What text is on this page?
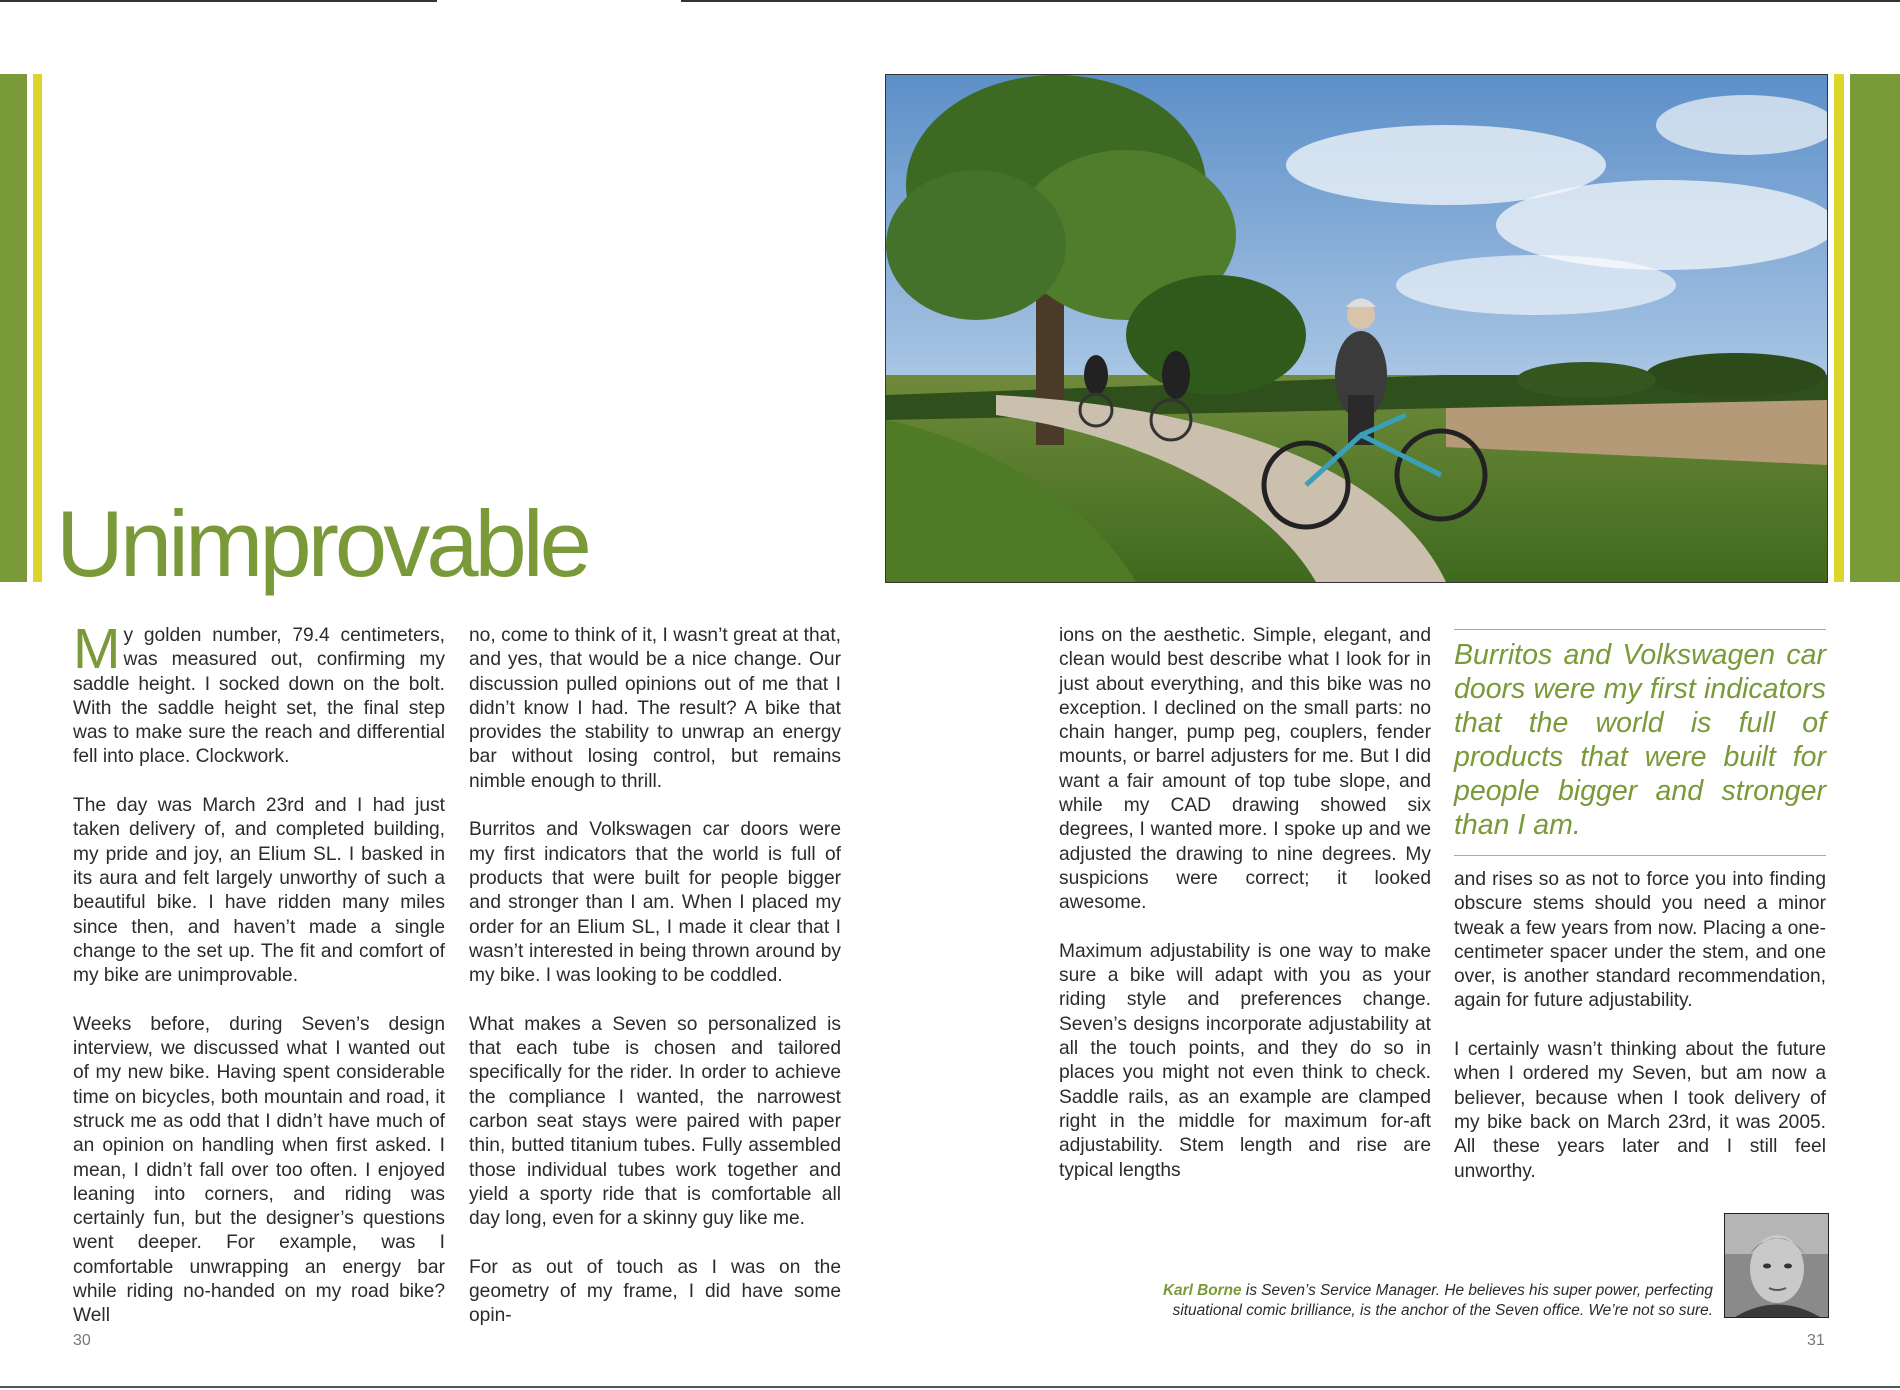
Unimprovable

My golden number, 79.4 centimeters, was measured out, confirming my saddle height. I socked down on the bolt. With the saddle height set, the final step was to make sure the reach and differential fell into place. Clockwork.

The day was March 23rd and I had just taken delivery of, and completed building, my pride and joy, an Elium SL. I basked in its aura and felt largely unworthy of such a beautiful bike. I have ridden many miles since then, and haven’t made a single change to the set up. The fit and comfort of my bike are unimprovable.

Weeks before, during Seven’s design interview, we discussed what I wanted out of my new bike. Having spent considerable time on bicycles, both mountain and road, it struck me as odd that I didn’t have much of an opinion on handling when first asked. I mean, I didn’t fall over too often. I enjoyed leaning into corners, and riding was certainly fun, but the designer’s questions went deeper. For example, was I comfortable unwrapping an energy bar while riding no-handed on my road bike? Well

no, come to think of it, I wasn’t great at that, and yes, that would be a nice change. Our discussion pulled opinions out of me that I didn’t know I had. The result? A bike that provides the stability to unwrap an energy bar without losing control, but remains nimble enough to thrill.

Burritos and Volkswagen car doors were my first indicators that the world is full of products that were built for people bigger and stronger than I am. When I placed my order for an Elium SL, I made it clear that I wasn’t interested in being thrown around by my bike. I was looking to be coddled.

What makes a Seven so personalized is that each tube is chosen and tailored specifically for the rider. In order to achieve the compliance I wanted, the narrowest carbon seat stays were paired with paper thin, butted titanium tubes. Fully assembled those individual tubes work together and yield a sporty ride that is comfortable all day long, even for a skinny guy like me.

For as out of touch as I was on the geometry of my frame, I did have some opin-

ions on the aesthetic. Simple, elegant, and clean would best describe what I look for in just about everything, and this bike was no exception. I declined on the small parts: no chain hanger, pump peg, couplers, fender mounts, or barrel adjusters for me. But I did want a fair amount of top tube slope, and while my CAD drawing showed six degrees, I wanted more. I spoke up and we adjusted the drawing to nine degrees. My suspicions were correct; it looked awesome.

Maximum adjustability is one way to make sure a bike will adapt with you as your riding style and preferences change. Seven’s designs incorporate adjustability at all the touch points, and they do so in places you might not even think to check. Saddle rails, as an example are clamped right in the middle for maximum for-aft adjustability. Stem length and rise are typical lengths

Burritos and Volkswagen car doors were my first indicators that the world is full of products that were built for people bigger and stronger than I am.

and rises so as not to force you into finding obscure stems should you need a minor tweak a few years from now. Placing a one-centimeter spacer under the stem, and one over, is another standard recommendation, again for future adjustability.

I certainly wasn’t thinking about the future when I ordered my Seven, but am now a believer, because when I took delivery of my bike back on March 23rd, it was 2005. All these years later and I still feel unworthy.

Karl Borne is Seven’s Service Manager. He believes his super power, perfecting
situational comic brilliance, is the anchor of the Seven office. We’re not so sure.

30	31
